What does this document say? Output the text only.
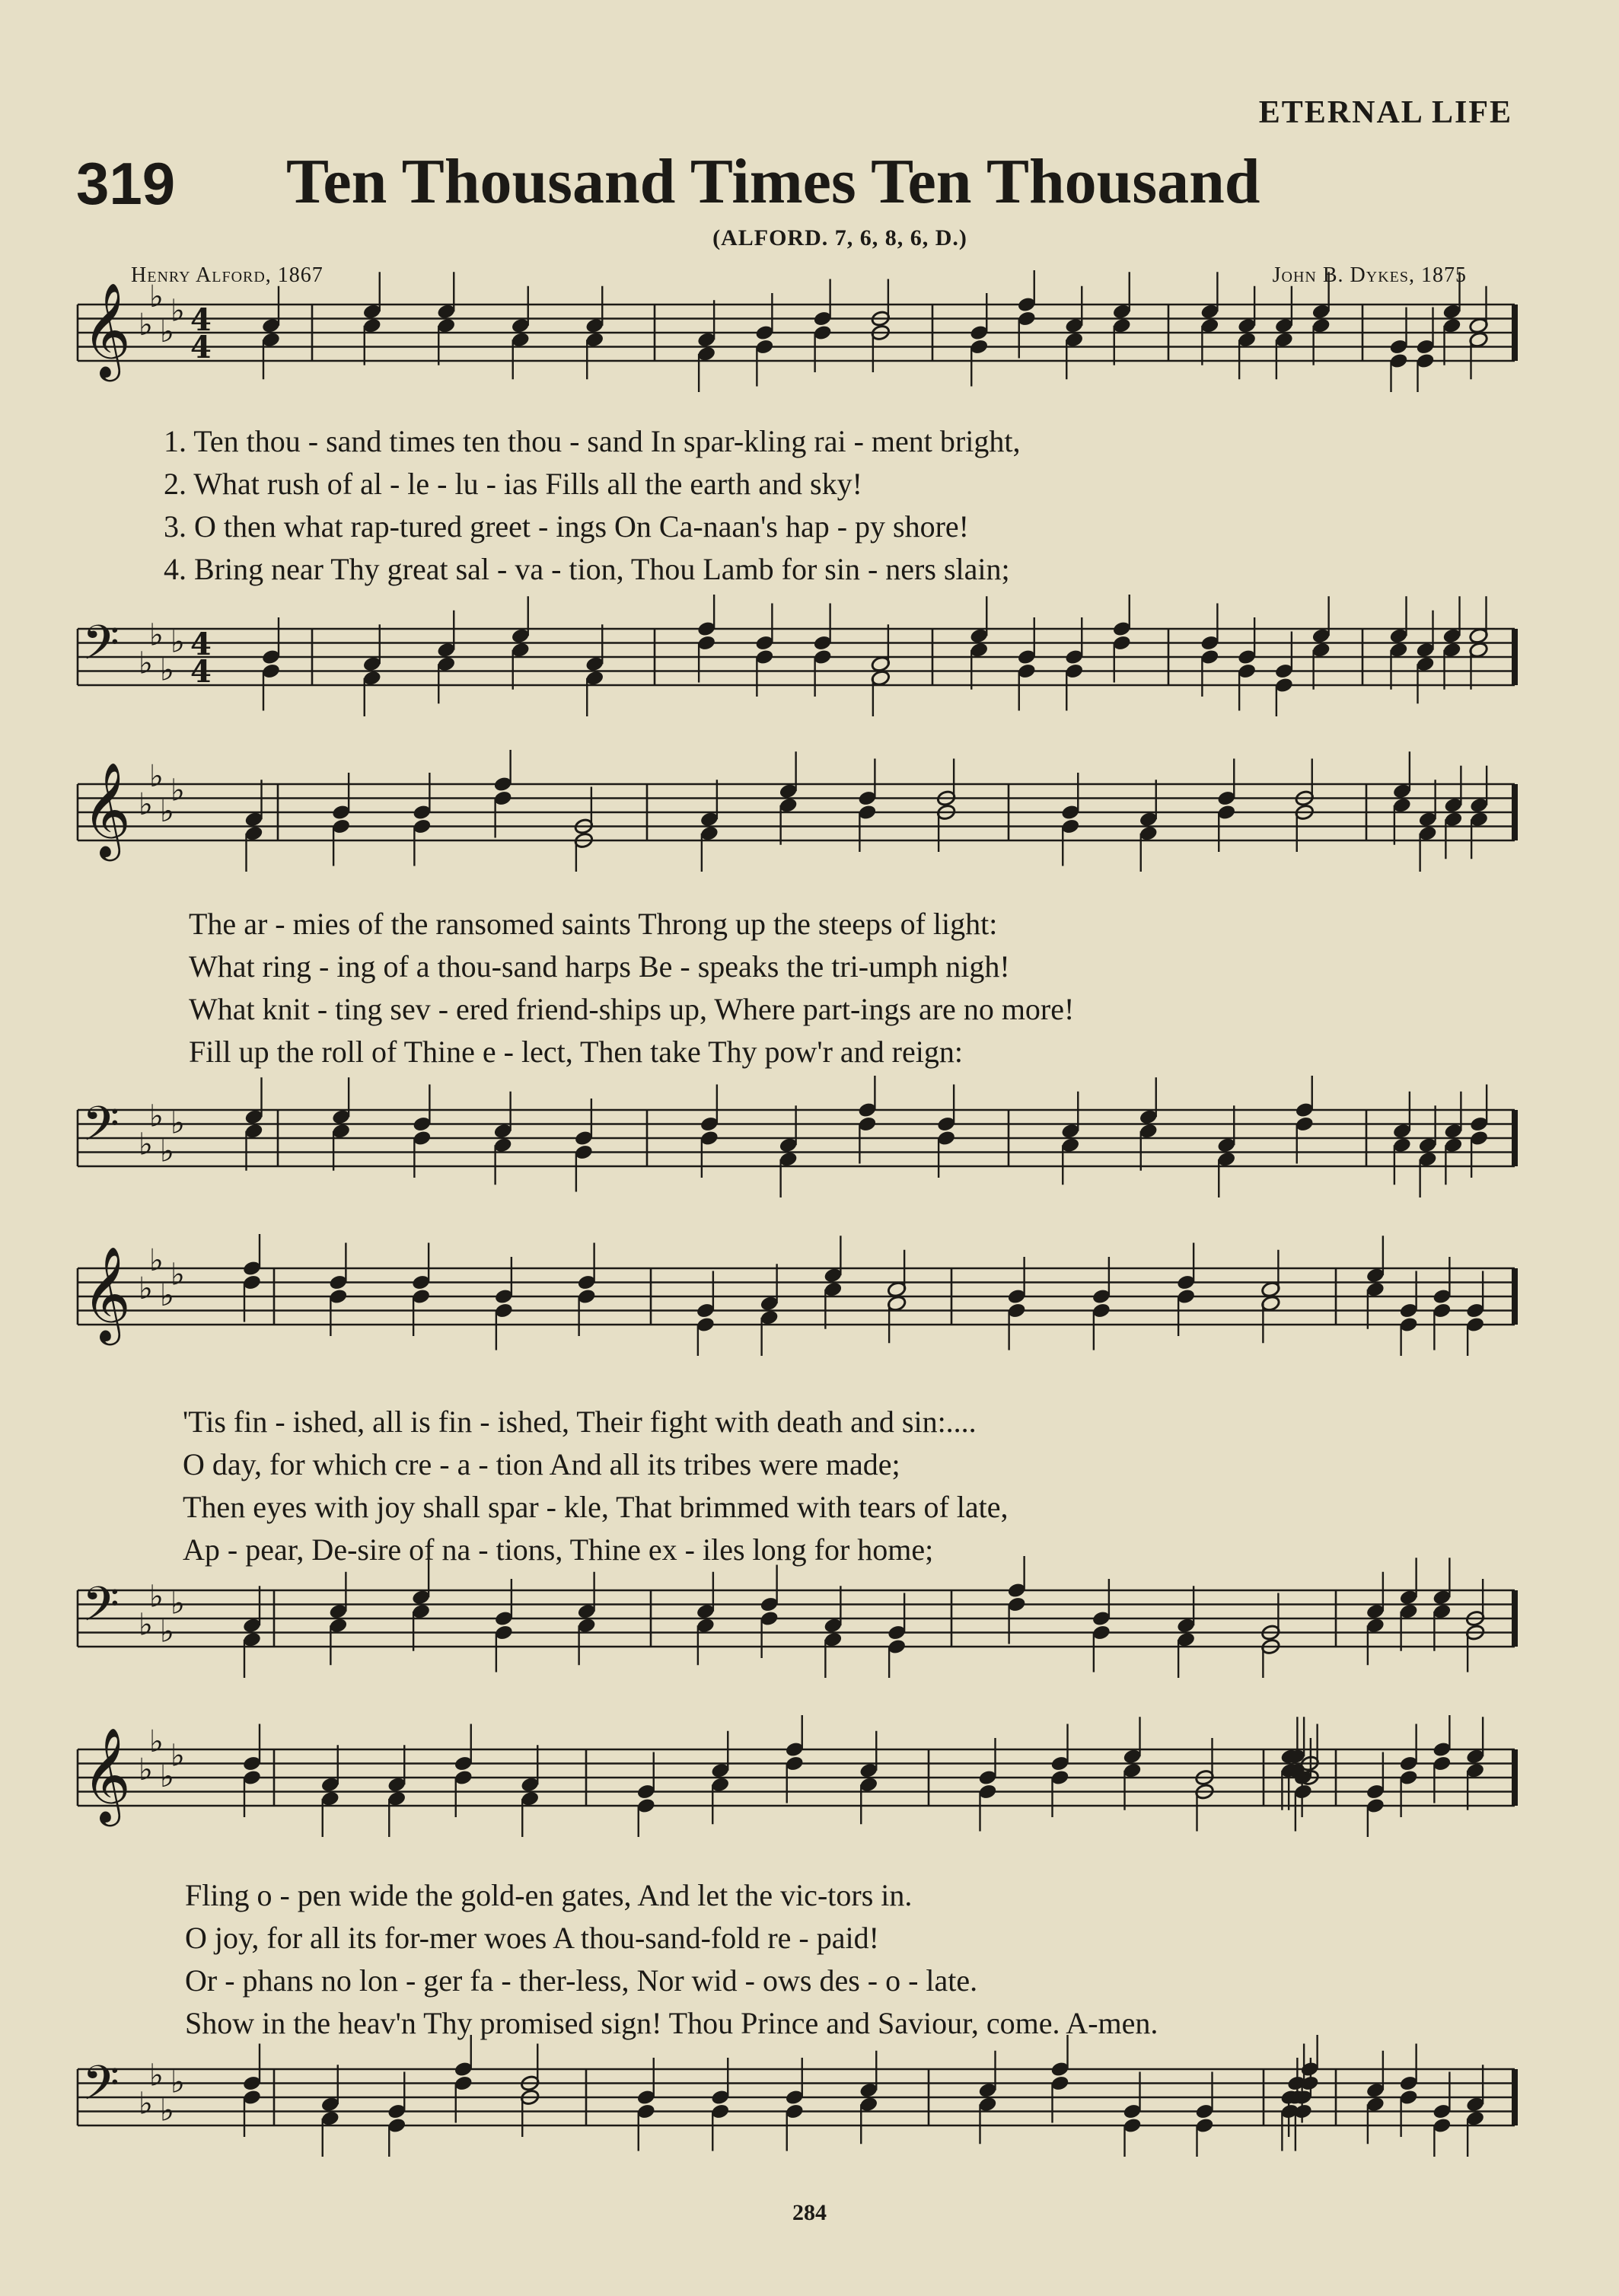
ETERNAL LIFE
319 Ten Thousand Times Ten Thousand
(ALFORD. 7, 6, 8, 6, D.)
Henry Alford, 1867	John B. Dykes, 1875
𝄞 ♭
♭
♭
♭ 4
4
𝄢 ♭
♭
♭
♭ 4
4
1. Ten thou - sand times ten thou - sand In spar-kling rai - ment bright,
2. What rush of al - le - lu - ias Fills all the earth and sky!
3. O then what rap-tured greet - ings On Ca-naan's hap - py shore!
4. Bring near Thy great sal - va - tion, Thou Lamb for sin - ners slain;
𝄞 ♭
♭
♭
♭
𝄢 ♭
♭
♭
♭
The ar - mies of the ransomed saints Throng up the steeps of light:
What ring - ing of a thou-sand harps Be - speaks the tri-umph nigh!
What knit - ting sev - ered friend-ships up, Where part-ings are no more!
Fill up the roll of Thine e - lect, Then take Thy pow'r and reign:
𝄞 ♭
♭
♭
♭
𝄢 ♭
♭
♭
♭
'Tis fin - ished, all is fin - ished, Their fight with death and sin:....
O day, for which cre - a - tion And all its tribes were made;
Then eyes with joy shall spar - kle, That brimmed with tears of late,
Ap - pear, De-sire of na - tions, Thine ex - iles long for home;
𝄞 ♭
♭
♭
♭
𝄢 ♭
♭
♭
♭
Fling o - pen wide the gold-en gates, And let the vic-tors in.
O joy, for all its for-mer woes A thou-sand-fold re - paid!
Or - phans no lon - ger fa - ther-less, Nor wid - ows des - o - late.
Show in the heav'n Thy promised sign! Thou Prince and Saviour, come. A-men.
284
